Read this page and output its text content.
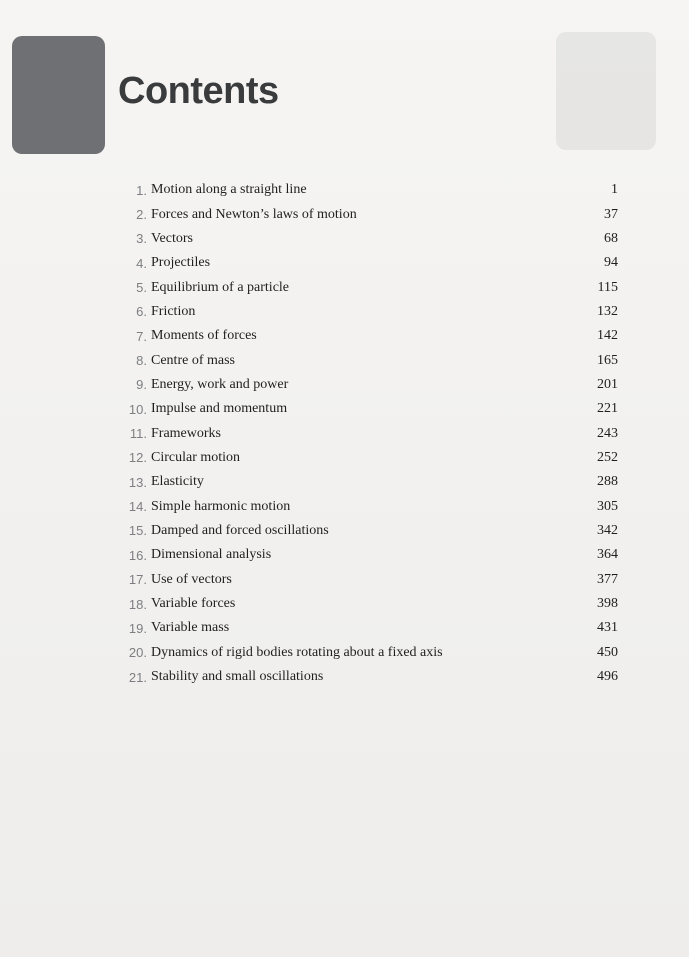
Contents
1. Motion along a straight line	1
2. Forces and Newton’s laws of motion	37
3. Vectors	68
4. Projectiles	94
5. Equilibrium of a particle	115
6. Friction	132
7. Moments of forces	142
8. Centre of mass	165
9. Energy, work and power	201
10. Impulse and momentum	221
11. Frameworks	243
12. Circular motion	252
13. Elasticity	288
14. Simple harmonic motion	305
15. Damped and forced oscillations	342
16. Dimensional analysis	364
17. Use of vectors	377
18. Variable forces	398
19. Variable mass	431
20. Dynamics of rigid bodies rotating about a fixed axis	450
21. Stability and small oscillations	496
